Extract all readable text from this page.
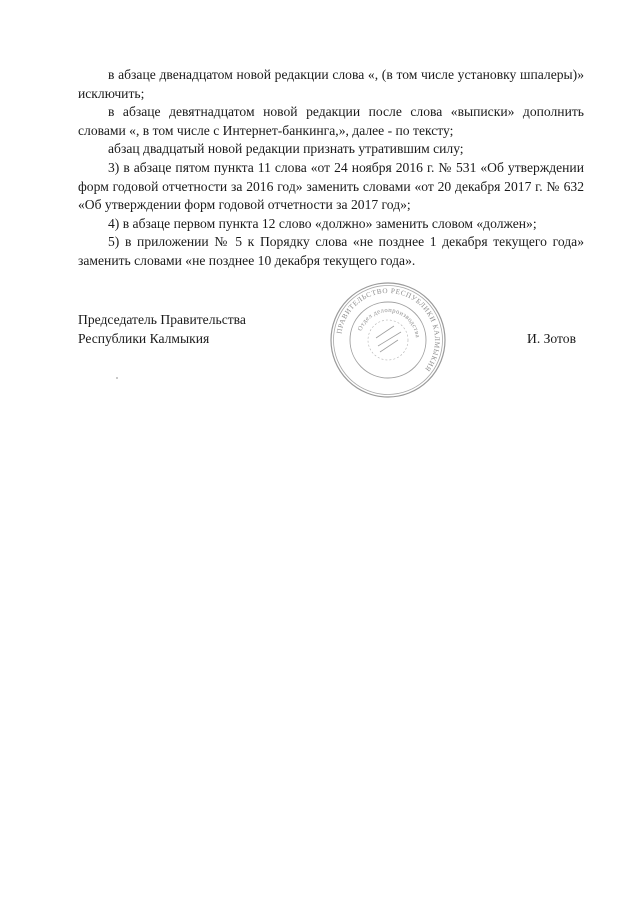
в абзаце двенадцатом новой редакции слова «, (в том числе установку шпалеры)» исключить;

в абзаце девятнадцатом новой редакции после слова «выписки» дополнить словами «, в том числе с Интернет-банкинга,», далее - по тексту;

абзац двадцатый новой редакции признать утратившим силу;

3) в абзаце пятом пункта 11 слова «от 24 ноября 2016 г. № 531 «Об утверждении форм годовой отчетности за 2016 год» заменить словами «от 20 декабря 2017 г. № 632 «Об утверждении форм годовой отчетности за 2017 год»;

4) в абзаце первом пункта 12 слово «должно» заменить словом «должен»;

5) в приложении № 5 к Порядку слова «не позднее 1 декабря текущего года» заменить словами «не позднее 10 декабря текущего года».

Председатель Правительства

Республики Калмыкия	И. Зотов
ПРАВИТЕЛЬСТВО РЕСПУБЛИКИ КАЛМЫКИЯ
Отдел делопроизводства
